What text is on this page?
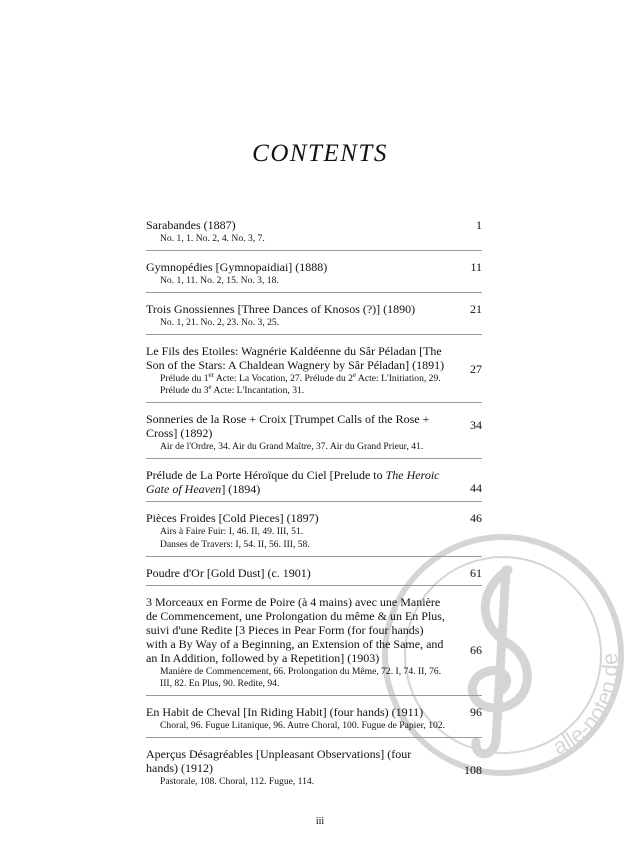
alle-noten.de
CONTENTS
Sarabandes (1887)
No. 1, 1. No. 2, 4. No. 3, 7.
1
Gymnopédies [Gymnopaidiai] (1888)
No. 1, 11. No. 2, 15. No. 3, 18.
11
Trois Gnossiennes [Three Dances of Knosos (?)] (1890)
No. 1, 21. No. 2, 23. No. 3, 25.
21
Le Fils des Etoiles: Wagnérie Kaldéenne du Sâr Péladan [The Son of the Stars: A Chaldean Wagnery by Sâr Péladan] (1891)
Prélude du 1er Acte: La Vocation, 27. Prélude du 2e Acte: L'Initiation, 29. Prélude du 3e Acte: L'Incantation, 31.
27
Sonneries de la Rose + Croix [Trumpet Calls of the Rose + Cross] (1892)
Air de l'Ordre, 34. Air du Grand Maître, 37. Air du Grand Prieur, 41.
34
Prélude de La Porte Héroïque du Ciel [Prelude to The Heroic Gate of Heaven] (1894)	44
Pièces Froides [Cold Pieces] (1897)
Airs à Faire Fuir: I, 46. II, 49. III, 51.
Danses de Travers: I, 54. II, 56. III, 58.
46
Poudre d'Or [Gold Dust] (c. 1901)	61
3 Morceaux en Forme de Poire (à 4 mains) avec une Manière de Commencement, une Prolongation du même & un En Plus, suivi d'une Redite [3 Pieces in Pear Form (for four hands) with a By Way of a Beginning, an Extension of the Same, and an In Addition, followed by a Repetition] (1903)
Manière de Commencement, 66. Prolongation du Même, 72. I, 74. II, 76. III, 82. En Plus, 90. Redite, 94.
66
En Habit de Cheval [In Riding Habit] (four hands) (1911)
Choral, 96. Fugue Litanique, 96. Autre Choral, 100. Fugue de Papier, 102.
96
Aperçus Désagréables [Unpleasant Observations] (four hands) (1912)
Pastorale, 108. Choral, 112. Fugue, 114.
108
iii
